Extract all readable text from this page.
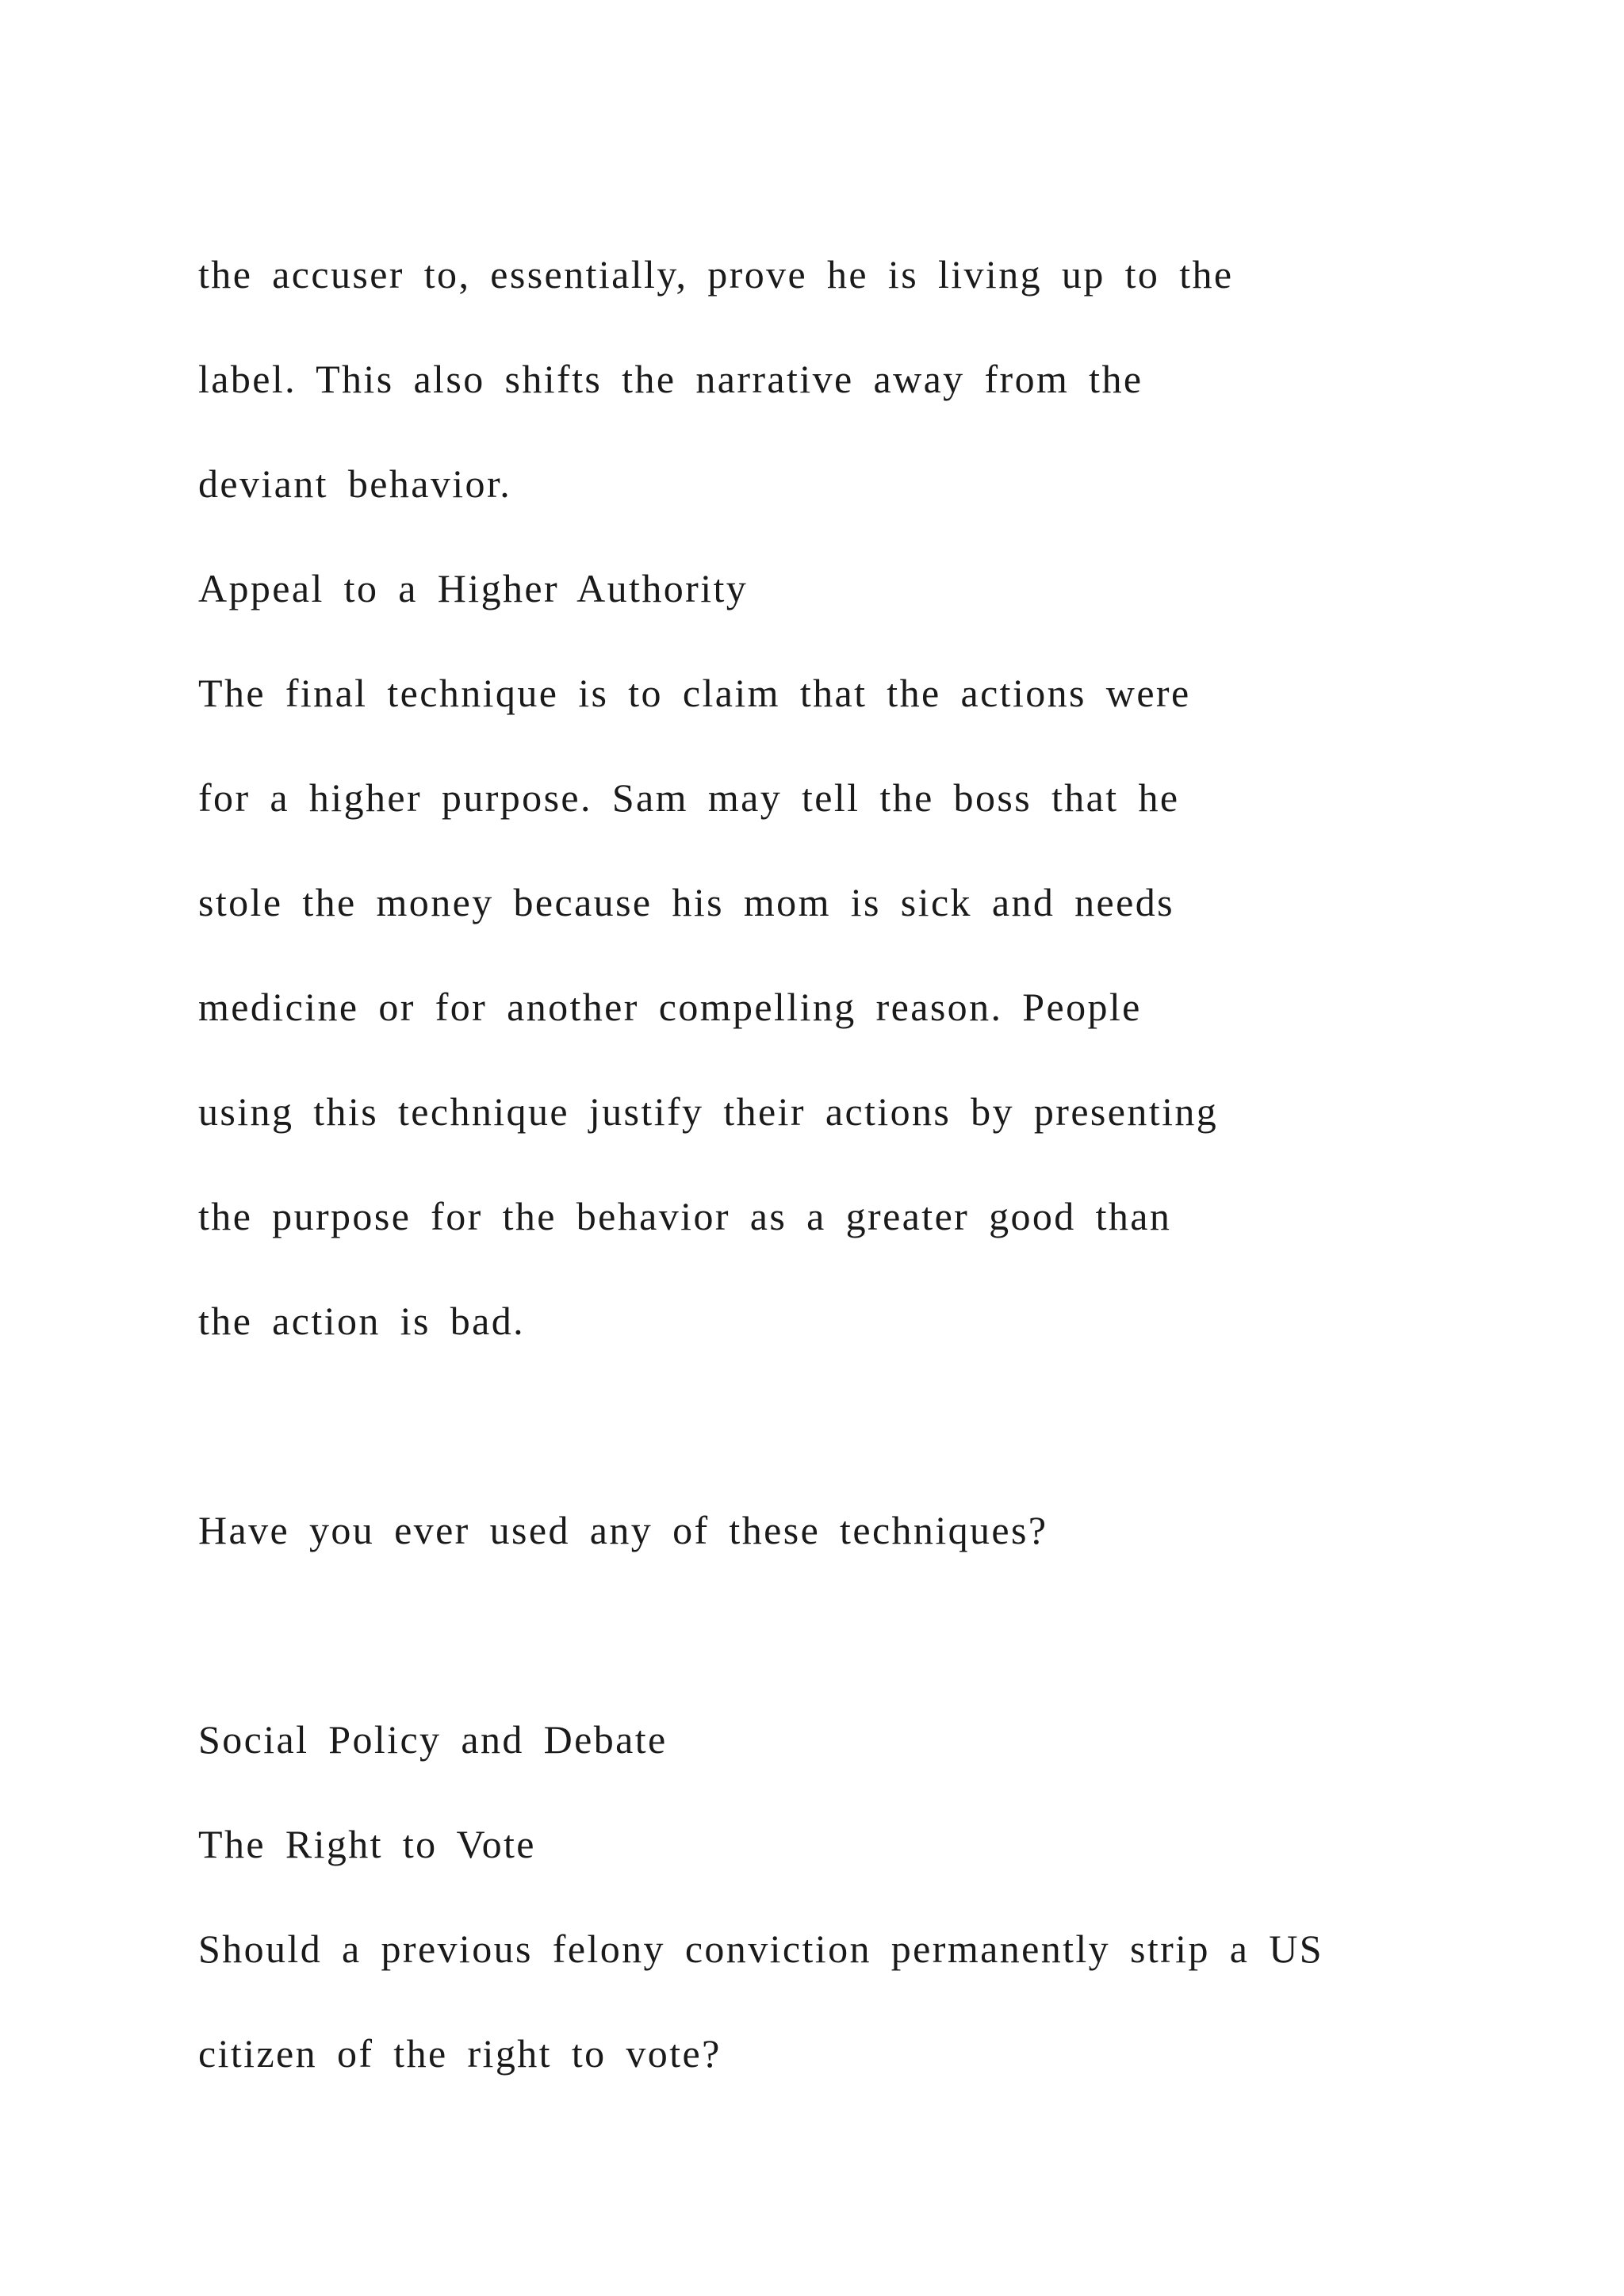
the accuser to, essentially, prove he is living up to the

label. This also shifts the narrative away from the

deviant behavior.

Appeal to a Higher Authority

The final technique is to claim that the actions were

for a higher purpose. Sam may tell the boss that he

stole the money because his mom is sick and needs

medicine or for another compelling reason. People

using this technique justify their actions by presenting

the purpose for the behavior as a greater good than

the action is bad.

Have you ever used any of these techniques?

Social Policy and Debate

The Right to Vote

Should a previous felony conviction permanently strip a US

citizen of the right to vote?
